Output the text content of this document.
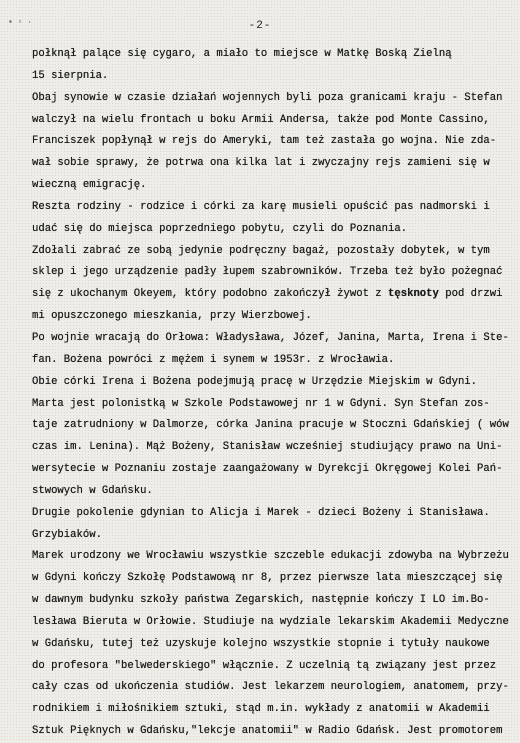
▪ ▫ ·	-2-
połknął palące się cygaro, a miało to miejsce w Matkę Boską Zielną
15 sierpnia.
Obaj synowie w czasie działań wojennych byli poza granicami kraju - Stefan
walczył na wielu frontach u boku Armii Andersa, także pod Monte Cassino,
Franciszek popłynął w rejs do Ameryki, tam też zastała go wojna. Nie zda-
wał sobie sprawy, że potrwa ona kilka lat i zwyczajny rejs zamieni się w
wieczną emigrację.
Reszta rodziny - rodzice i córki za karę musieli opuścić pas nadmorski i
udać się do miejsca poprzedniego pobytu, czyli do Poznania.
Zdołali zabrać ze sobą jedynie podręczny bagaż, pozostały dobytek, w tym
sklep i jego urządzenie padły łupem szabrowników. Trzeba też było pożegnać
się z ukochanym Okeyem, który podobno zakończył żywot z tęsknoty pod drzwi
mi opuszczonego mieszkania, przy Wierzbowej.
Po wojnie wracają do Orłowa: Władysława, Józef, Janina, Marta, Irena i Ste-
fan. Bożena powróci z mężem i synem w 1953r. z Wrocławia.
Obie córki Irena i Bożena podejmują pracę w Urzędzie Miejskim w Gdyni.
Marta jest polonistką w Szkole Podstawowej nr 1 w Gdyni. Syn Stefan zos-
taje zatrudniony w Dalmorze, córka Janina pracuje w Stoczni Gdańskiej ( wów
czas im. Lenina). Mąż Bożeny, Stanisław wcześniej studiujący prawo na Uni-
wersytecie w Poznaniu zostaje zaangażowany w Dyrekcji Okręgowej Kolei Pań-
stwowych w Gdańsku.
Drugie pokolenie gdynian to Alicja i Marek - dzieci Bożeny i Stanisława.
Grzybiaków.
Marek urodzony we Wrocławiu wszystkie szczeble edukacji zdowyba na Wybrzeżu
w Gdyni kończy Szkołę Podstawową nr 8, przez pierwsze lata mieszczącej się
w dawnym budynku szkoły państwa Zegarskich, następnie kończy I LO im.Bo-
lesława Bieruta w Orłowie. Studiuje na wydziale lekarskim Akademii Medyczne
w Gdańsku, tutej też uzyskuje kolejno wszystkie stopnie i tytuły naukowe
do profesora "belwederskiego" włącznie. Z uczelnią tą związany jest przez
cały czas od ukończenia studiów. Jest lekarzem neurologiem, anatomem, przy-
rodnikiem i miłośnikiem sztuki, stąd m.in. wykłady z anatomii w Akademii
Sztuk Pięknych w Gdańsku,"lekcje anatomii" w Radio Gdańsk. Jest promotorem
